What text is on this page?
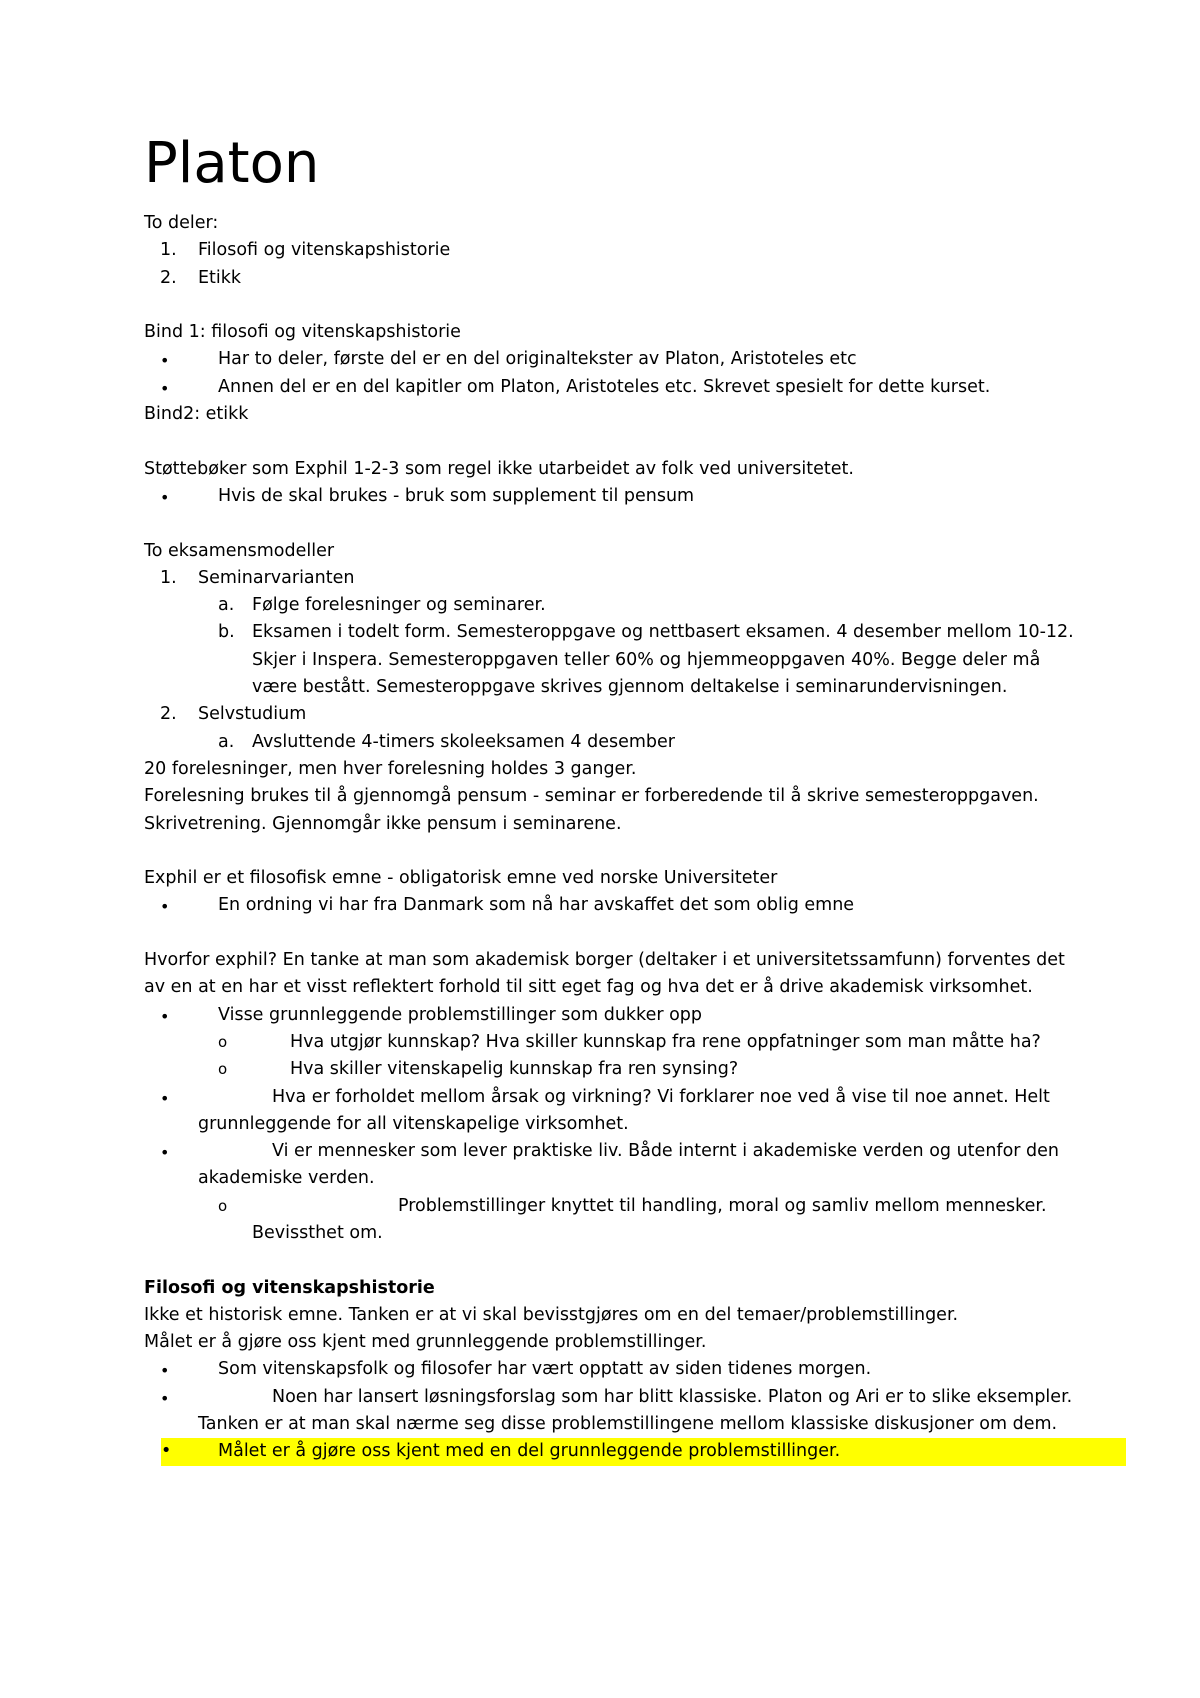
Platon

To deler:

1. Filosofi og vitenskapshistorie
2. Etikk

Bind 1: filosofi og vitenskapshistorie

•	Har to deler, første del er en del originaltekster av Platon, Aristoteles etc
•	Annen del er en del kapitler om Platon, Aristoteles etc. Skrevet spesielt for dette kurset.

Bind2: etikk

Støttebøker som Exphil 1-2-3 som regel ikke utarbeidet av folk ved universitetet.

•	Hvis de skal brukes - bruk som supplement til pensum

To eksamensmodeller

1. Seminarvarianten
a. Følge forelesninger og seminarer.
b. Eksamen i todelt form. Semesteroppgave og nettbasert eksamen. 4 desember mellom 10-12. Skjer i Inspera. Semesteroppgaven teller 60% og hjemmeoppgaven 40%. Begge deler må være bestått. Semesteroppgave skrives gjennom deltakelse i seminarundervisningen.
2. Selvstudium
a. Avsluttende 4-timers skoleeksamen 4 desember

20 forelesninger, men hver forelesning holdes 3 ganger.

Forelesning brukes til å gjennomgå pensum - seminar er forberedende til å skrive semesteroppgaven. Skrivetrening. Gjennomgår ikke pensum i seminarene.

Exphil er et filosofisk emne - obligatorisk emne ved norske Universiteter

•	En ordning vi har fra Danmark som nå har avskaffet det som oblig emne

Hvorfor exphil? En tanke at man som akademisk borger (deltaker i et universitetssamfunn) forventes det av en at en har et visst reflektert forhold til sitt eget fag og hva det er å drive akademisk virksomhet.

•	Visse grunnleggende problemstillinger som dukker opp
o	Hva utgjør kunnskap? Hva skiller kunnskap fra rene oppfatninger som man måtte ha?
o	Hva skiller vitenskapelig kunnskap fra ren synsing?
•	Hva er forholdet mellom årsak og virkning? Vi forklarer noe ved å vise til noe annet. Helt grunnleggende for all vitenskapelige virksomhet.
•	Vi er mennesker som lever praktiske liv. Både internt i akademiske verden og utenfor den akademiske verden.
o	Problemstillinger knyttet til handling, moral og samliv mellom mennesker. Bevissthet om.

Filosofi og vitenskapshistorie

Ikke et historisk emne. Tanken er at vi skal bevisstgjøres om en del temaer/problemstillinger.

Målet er å gjøre oss kjent med grunnleggende problemstillinger.

•	Som vitenskapsfolk og filosofer har vært opptatt av siden tidenes morgen.
•	Noen har lansert løsningsforslag som har blitt klassiske. Platon og Ari er to slike eksempler. Tanken er at man skal nærme seg disse problemstillingene mellom klassiske diskusjoner om dem.
•	Målet er å gjøre oss kjent med en del grunnleggende problemstillinger.
